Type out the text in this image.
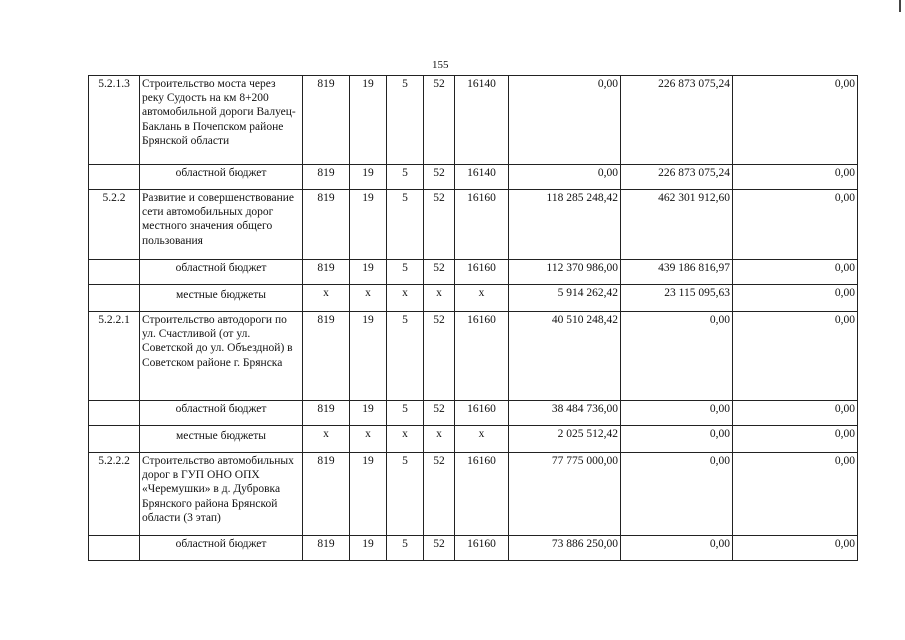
155
5.2.1.3	Строительство моста через реку Судость на км 8+200 автомобильной дороги Валуец-Баклань в Почепском районе Брянской области	819	19	5	52	16140	0,00	226 873 075,24	0,00
	областной бюджет	819	19	5	52	16140	0,00	226 873 075,24	0,00
5.2.2	Развитие и совершенствование сети автомобильных дорог местного значения общего пользования	819	19	5	52	16160	118 285 248,42	462 301 912,60	0,00
	областной бюджет	819	19	5	52	16160	112 370 986,00	439 186 816,97	0,00
	местные бюджеты	x	x	x	x	x	5 914 262,42	23 115 095,63	0,00
5.2.2.1	Строительство автодороги по ул. Счастливой (от ул. Советской до ул. Объездной) в Советском районе г. Брянска	819	19	5	52	16160	40 510 248,42	0,00	0,00
	областной бюджет	819	19	5	52	16160	38 484 736,00	0,00	0,00
	местные бюджеты	x	x	x	x	x	2 025 512,42	0,00	0,00
5.2.2.2	Строительство автомобильных дорог в ГУП ОНО ОПХ «Черемушки» в д. Дубровка Брянского района Брянской области (3 этап)	819	19	5	52	16160	77 775 000,00	0,00	0,00
	областной бюджет	819	19	5	52	16160	73 886 250,00	0,00	0,00
